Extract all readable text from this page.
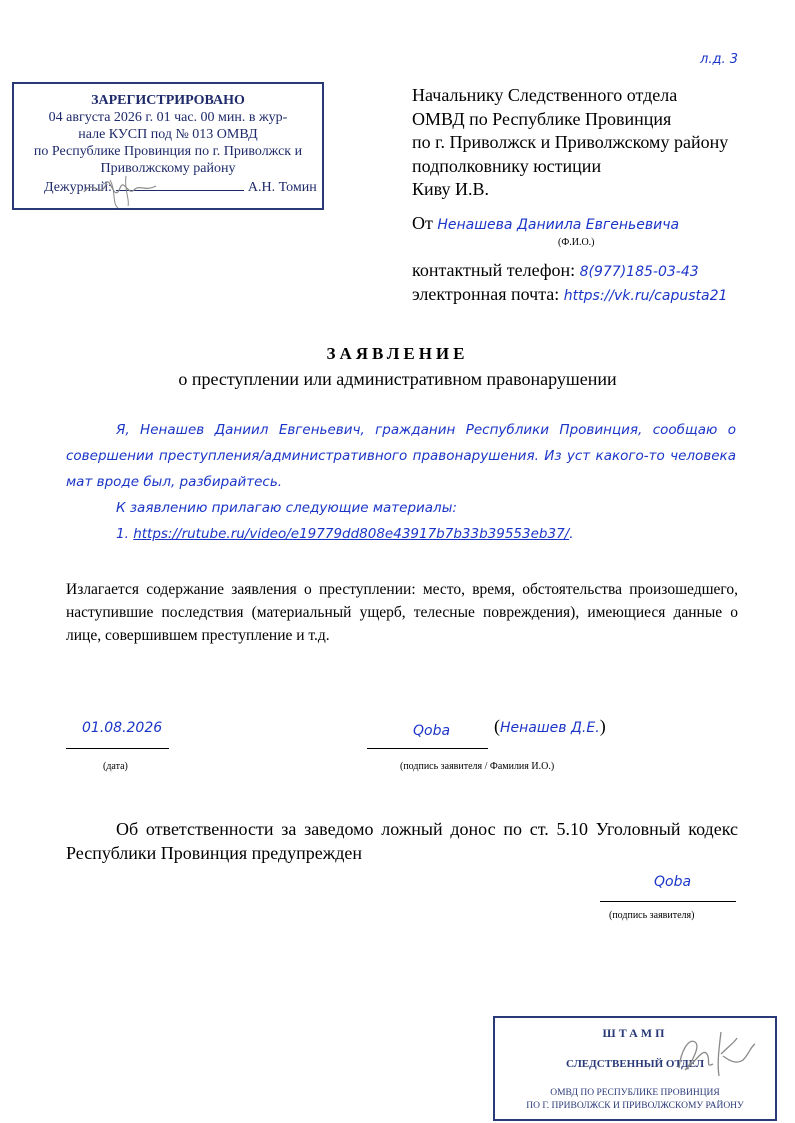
л.д. 3
ЗАРЕГИСТРИРОВАНО
04 августа 2026 г. 01 час. 00 мин. в жур-
нале КУСП под № 013 ОМВД
по Республике Провинция по г. Приволжск и
Приволжскому району
Дежурный:	А.Н. Томин
Начальнику Следственного отдела
ОМВД по Республике Провинция
по г. Приволжск и Приволжскому району
подполковнику юстиции
Киву И.В.
От Ненашева Даниила Евгеньевича
(Ф.И.О.)
контактный телефон: 8(977)185-03-43
электронная почта: https://vk.ru/capusta21
ЗАЯВЛЕНИЕ
о преступлении или административном правонарушении

Я, Ненашев Даниил Евгеньевич, гражданин Республики Провинция, сообщаю о совершении преступления/административного правонарушения. Из уст какого-то человека мат вроде был, разбирайтесь.

К заявлению прилагаю следующие материалы:
1. https://rutube.ru/video/e19779dd808e43917b7b33b39553eb37/.
Излагается содержание заявления о преступлении: место, время, обстоятельства произошедшего, наступившие последствия (материальный ущерб, телесные повреждения), имеющиеся данные о лице, совершившем преступление и т.д.
01.08.2026
(дата)
Qoba (Ненашев Д.Е.)
(подпись заявителя / Фамилия И.О.)
Об ответственности за заведомо ложный донос по ст. 5.10 Уголовный кодекс Республики Провинция предупрежден
Qoba
(подпись заявителя)
ШТАМП
СЛЕДСТВЕННЫЙ ОТДЕЛ
ОМВД ПО РЕСПУБЛИКЕ ПРОВИНЦИЯ
ПО Г. ПРИВОЛЖСК И ПРИВОЛЖСКОМУ РАЙОНУ
